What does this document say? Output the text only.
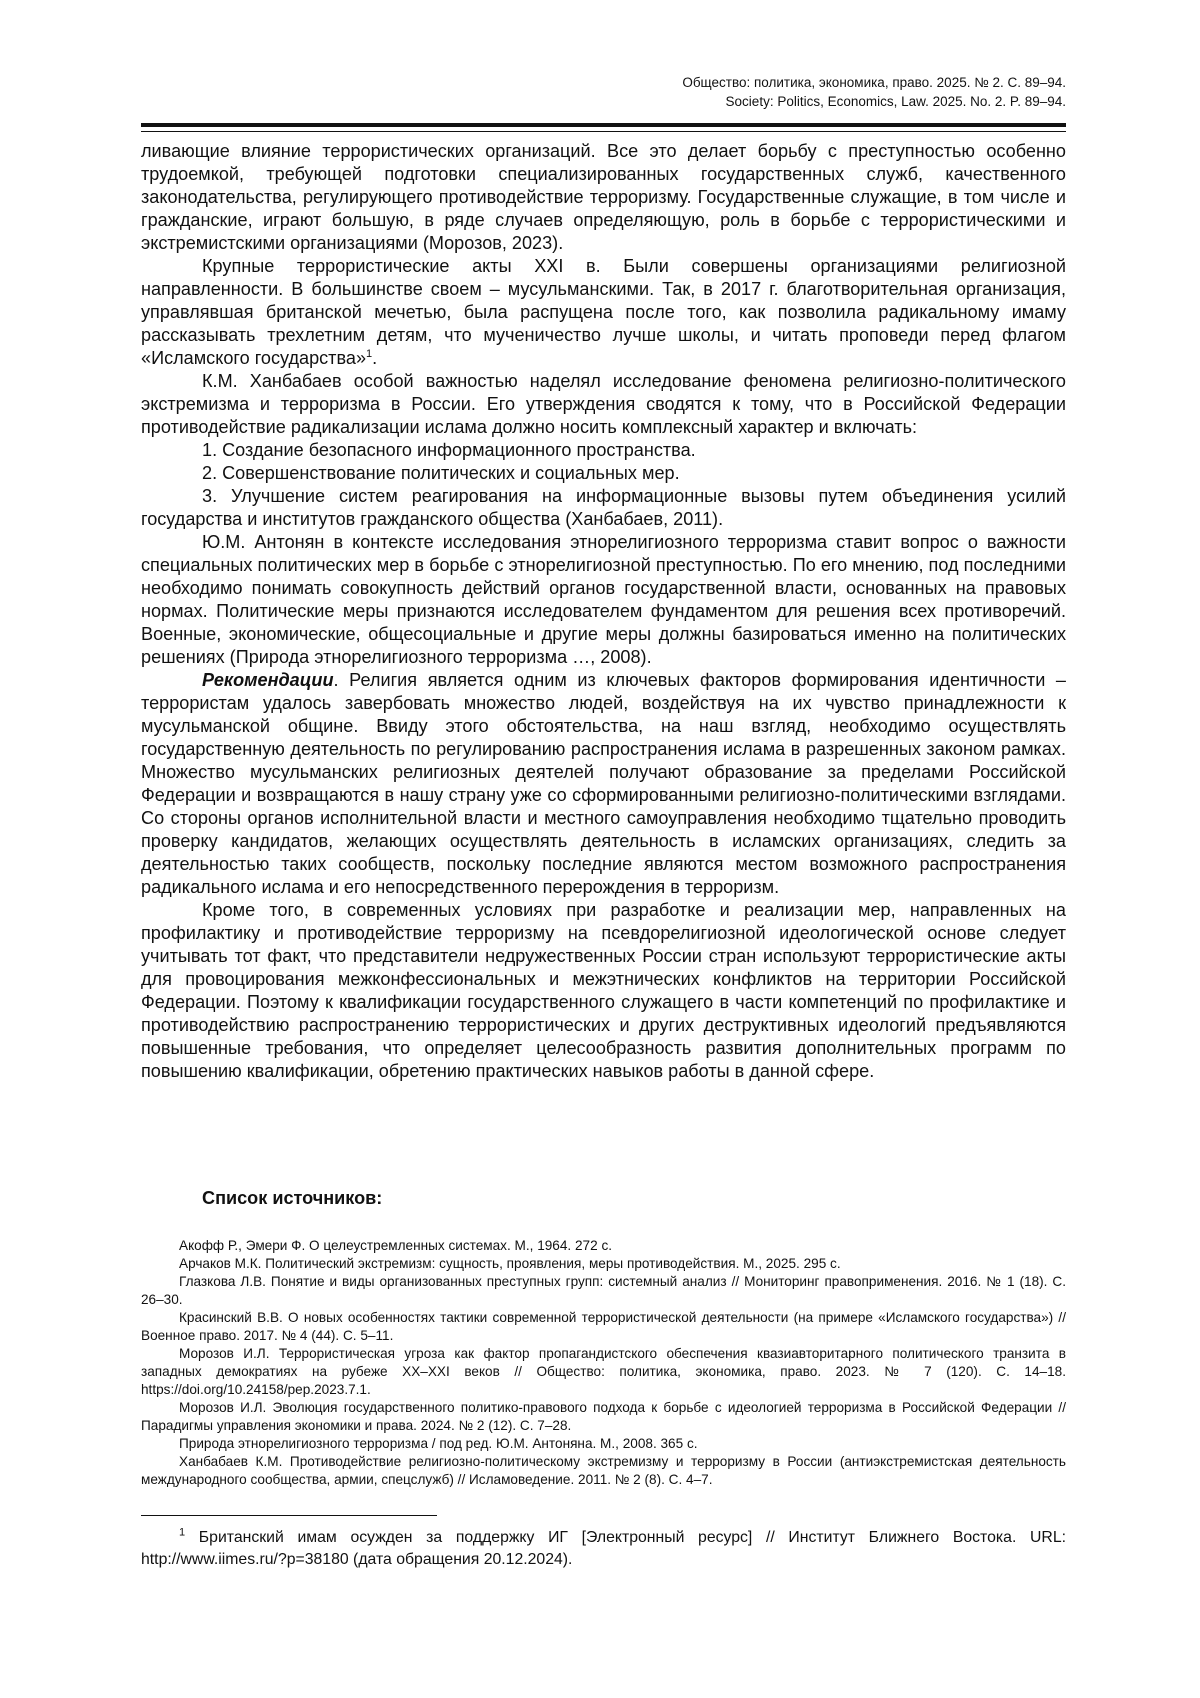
Общество: политика, экономика, право. 2025. № 2. С. 89–94.
Society: Politics, Economics, Law. 2025. No. 2. P. 89–94.

ливающие влияние террористических организаций. Все это делает борьбу с преступностью особенно трудоемкой, требующей подготовки специализированных государственных служб, качественного законодательства, регулирующего противодействие терроризму. Государственные служащие, в том числе и гражданские, играют большую, в ряде случаев определяющую, роль в борьбе с террористическими и экстремистскими организациями (Морозов, 2023).

Крупные террористические акты XXI в. Были совершены организациями религиозной направленности. В большинстве своем – мусульманскими. Так, в 2017 г. благотворительная организация, управлявшая британской мечетью, была распущена после того, как позволила радикальному имаму рассказывать трехлетним детям, что мученичество лучше школы, и читать проповеди перед флагом «Исламского государства»$^1$.

К.М. Ханбабаев особой важностью наделял исследование феномена религиозно-политического экстремизма и терроризма в России. Его утверждения сводятся к тому, что в Российской Федерации противодействие радикализации ислама должно носить комплексный характер и включать:

1. Создание безопасного информационного пространства.

2. Совершенствование политических и социальных мер.

3. Улучшение систем реагирования на информационные вызовы путем объединения усилий государства и институтов гражданского общества (Ханбабаев, 2011).

Ю.М. Антонян в контексте исследования этнорелигиозного терроризма ставит вопрос о важности специальных политических мер в борьбе с этнорелигиозной преступностью. По его мнению, под последними необходимо понимать совокупность действий органов государственной власти, основанных на правовых нормах. Политические меры признаются исследователем фундаментом для решения всех противоречий. Военные, экономические, общесоциальные и другие меры должны базироваться именно на политических решениях (Природа этнорелигиозного терроризма …, 2008).

Рекомендации. Религия является одним из ключевых факторов формирования идентичности – террористам удалось завербовать множество людей, воздействуя на их чувство принадлежности к мусульманской общине. Ввиду этого обстоятельства, на наш взгляд, необходимо осуществлять государственную деятельность по регулированию распространения ислама в разрешенных законом рамках. Множество мусульманских религиозных деятелей получают образование за пределами Российской Федерации и возвращаются в нашу страну уже со сформированными религиозно-политическими взглядами. Со стороны органов исполнительной власти и местного самоуправления необходимо тщательно проводить проверку кандидатов, желающих осуществлять деятельность в исламских организациях, следить за деятельностью таких сообществ, поскольку последние являются местом возможного распространения радикального ислама и его непосредственного перерождения в терроризм.

Кроме того, в современных условиях при разработке и реализации мер, направленных на профилактику и противодействие терроризму на псевдорелигиозной идеологической основе следует учитывать тот факт, что представители недружественных России стран используют террористические акты для провоцирования межконфессиональных и межэтнических конфликтов на территории Российской Федерации. Поэтому к квалификации государственного служащего в части компетенций по профилактике и противодействию распространению террористических и других деструктивных идеологий предъявляются повышенные требования, что определяет целесообразность развития дополнительных программ по повышению квалификации, обретению практических навыков работы в данной сфере.

Список источников:

Акофф Р., Эмери Ф. О целеустремленных системах. М., 1964. 272 с.

Арчаков М.К. Политический экстремизм: сущность, проявления, меры противодействия. М., 2025. 295 с.

Глазкова Л.В. Понятие и виды организованных преступных групп: системный анализ // Мониторинг правоприменения. 2016. № 1 (18). С. 26–30.

Красинский В.В. О новых особенностях тактики современной террористической деятельности (на примере «Исламского государства») // Военное право. 2017. № 4 (44). С. 5–11.

Морозов И.Л. Террористическая угроза как фактор пропагандистского обеспечения квазиавторитарного политического транзита в западных демократиях на рубеже XX–XXI веков // Общество: политика, экономика, право. 2023. № 7 (120). С. 14–18. https://doi.org/10.24158/pep.2023.7.1.

Морозов И.Л. Эволюция государственного политико-правового подхода к борьбе с идеологией терроризма в Российской Федерации // Парадигмы управления экономики и права. 2024. № 2 (12). С. 7–28.

Природа этнорелигиозного терроризма / под ред. Ю.М. Антоняна. М., 2008. 365 с.

Ханбабаев К.М. Противодействие религиозно-политическому экстремизму и терроризму в России (антиэкстремистская деятельность международного сообщества, армии, спецслужб) // Исламоведение. 2011. № 2 (8). С. 4–7.

$^1$ Британский имам осужден за поддержку ИГ [Электронный ресурс] // Институт Ближнего Востока. URL: http://www.iimes.ru/?p=38180 (дата обращения 20.12.2024).
